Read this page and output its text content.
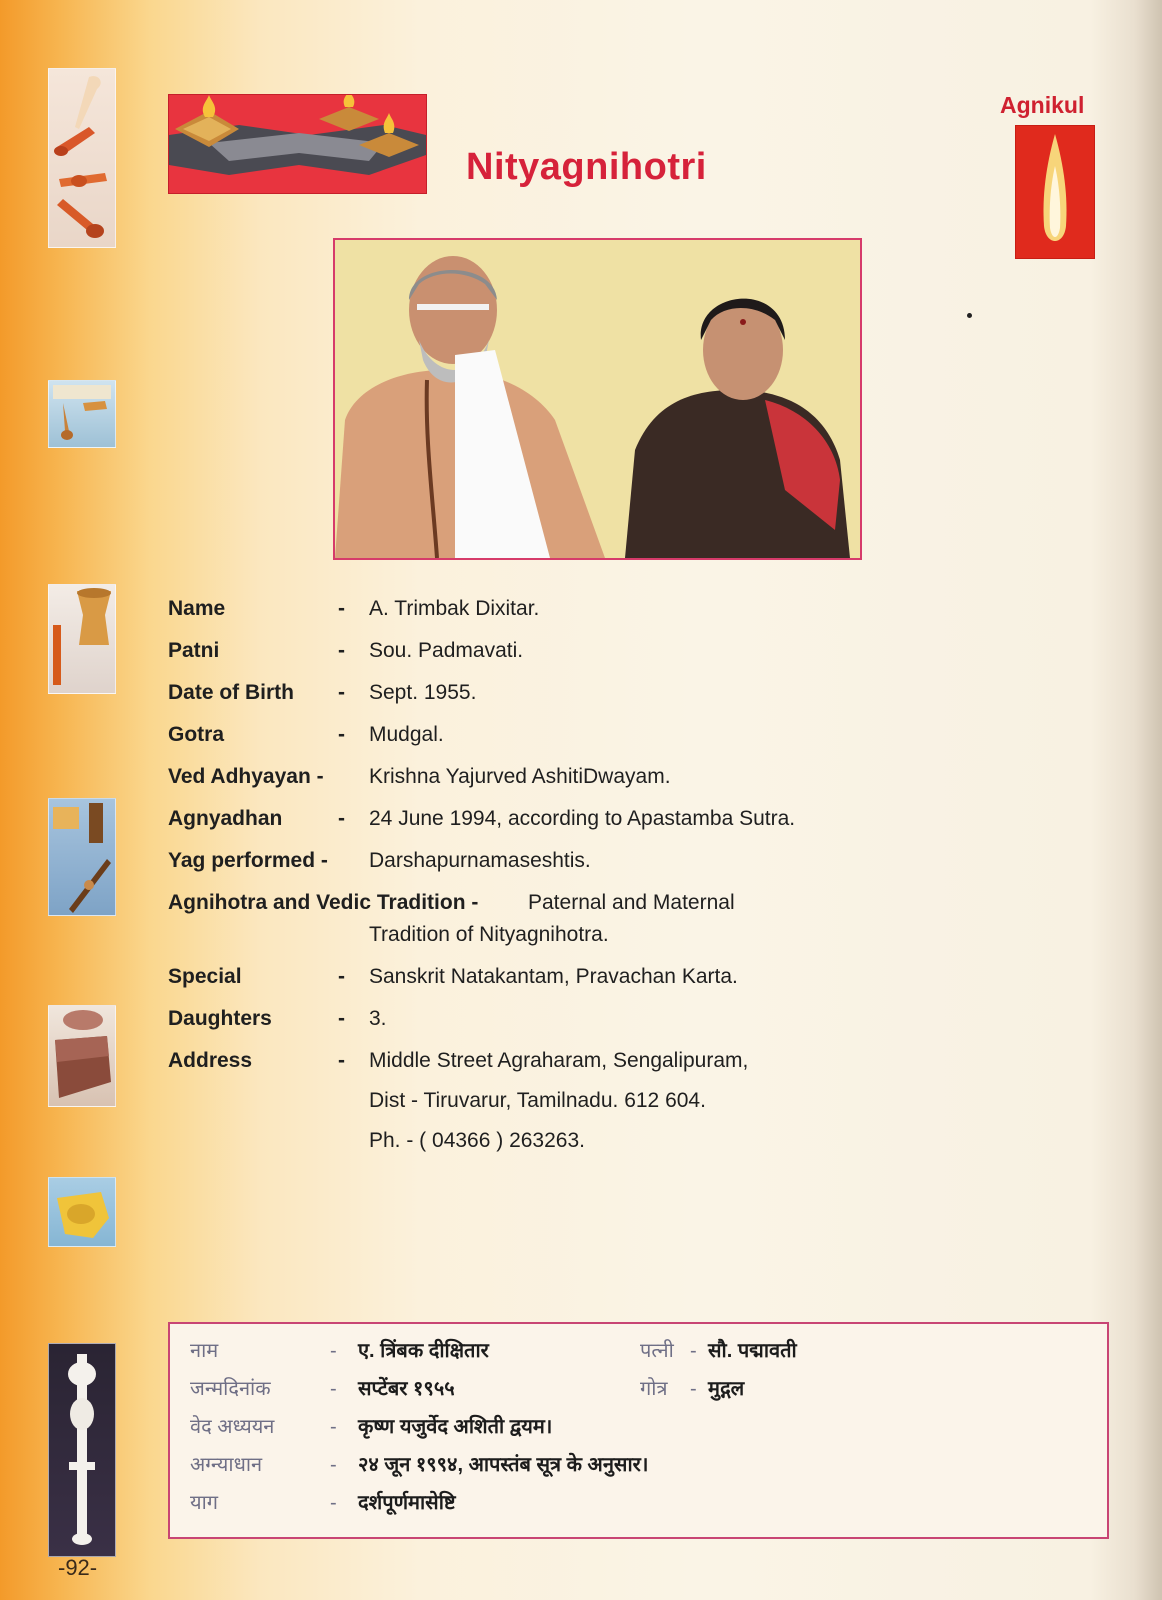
Nityagnihotri
Agnikul
Name	- A. Trimbak Dixitar.
Patni	- Sou. Padmavati.
Date of Birth - Sept. 1955.
Gotra	- Mudgal.
Ved Adhyayan - Krishna Yajurved AshitiDwayam.
Agnyadhan	- 24 June 1994, according to Apastamba Sutra.
Yag performed - Darshapurnamaseshtis.
Agnihotra and Vedic Tradition - Paternal and Maternal
Tradition of Nityagnihotra.
Special	- Sanskrit Natakantam, Pravachan Karta.
Daughters	- 3.
Address	- Middle Street Agraharam, Sengalipuram,
Dist - Tiruvarur, Tamilnadu. 612 604.
Ph. - ( 04366 ) 263263.
नाम	- ए. त्रिंबक दीक्षितार	पत्नी - सौ. पद्मावती
जन्मदिनांक	- सप्टेंबर १९५५	गोत्र - मुद्गल
वेद अध्ययन	- कृष्ण यजुर्वेद अशिती द्वयम।
अग्न्याधान	- २४ जून १९९४, आपस्तंब सूत्र के अनुसार।
याग	- दर्शपूर्णमासेष्टि
-92-
